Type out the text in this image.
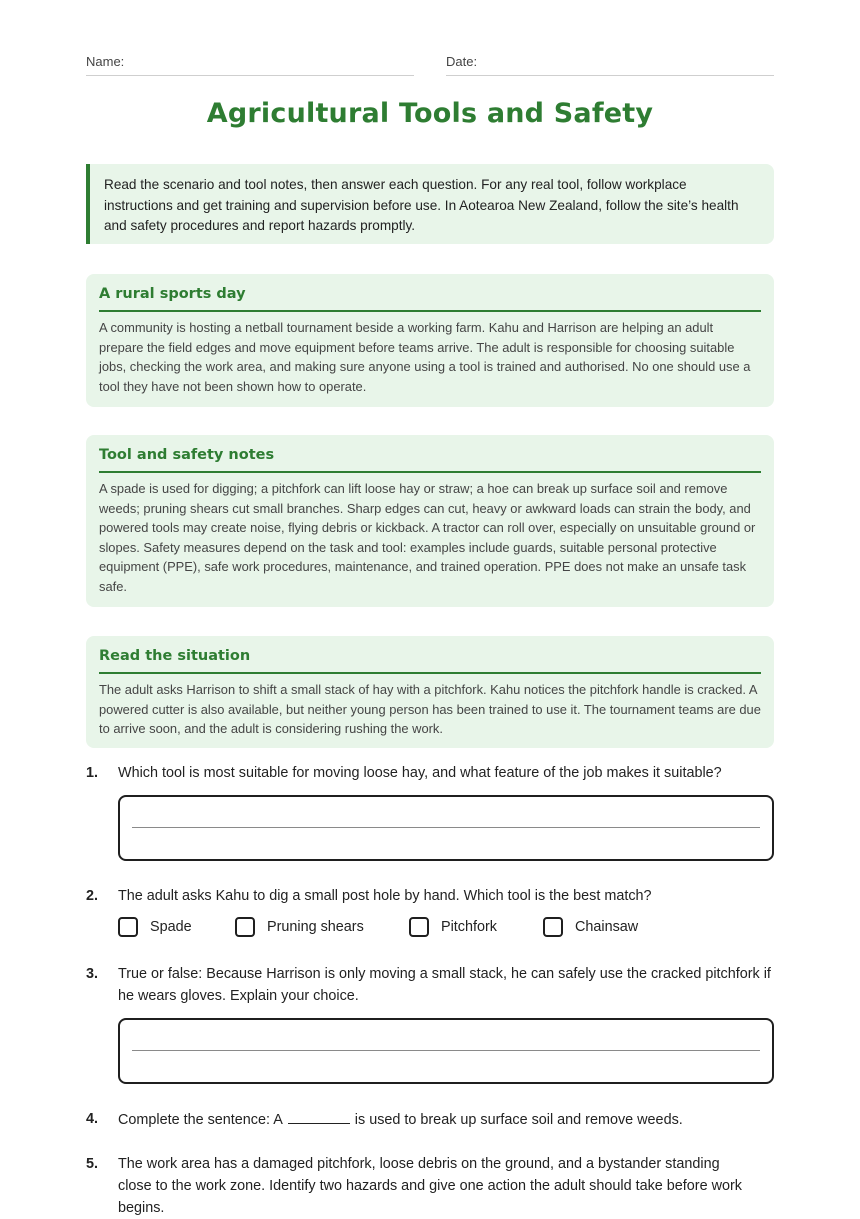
Name:	Date:
Agricultural Tools and Safety
Read the scenario and tool notes, then answer each question. For any real tool, follow workplace instructions and get training and supervision before use. In Aotearoa New Zealand, follow the site’s health and safety procedures and report hazards promptly.
A rural sports day

A community is hosting a netball tournament beside a working farm. Kahu and Harrison are helping an adult prepare the field edges and move equipment before teams arrive. The adult is responsible for choosing suitable jobs, checking the work area, and making sure anyone using a tool is trained and authorised. No one should use a tool they have not been shown how to operate.

Tool and safety notes

A spade is used for digging; a pitchfork can lift loose hay or straw; a hoe can break up surface soil and remove weeds; pruning shears cut small branches. Sharp edges can cut, heavy or awkward loads can strain the body, and powered tools may create noise, flying debris or kickback. A tractor can roll over, especially on unsuitable ground or slopes. Safety measures depend on the task and tool: examples include guards, suitable personal protective equipment (PPE), safe work procedures, maintenance, and trained operation. PPE does not make an unsafe task safe.

Read the situation

The adult asks Harrison to shift a small stack of hay with a pitchfork. Kahu notices the pitchfork handle is cracked. A powered cutter is also available, but neither young person has been trained to use it. The tournament teams are due to arrive soon, and the adult is considering rushing the work.

1. Which tool is most suitable for moving loose hay, and what feature of the job makes it suitable?
2. The adult asks Kahu to dig a small post hole by hand. Which tool is the best match?
Spade	Pruning shears	Pitchfork	Chainsaw
3. True or false: Because Harrison is only moving a small stack, he can safely use the cracked pitchfork if he wears gloves. Explain your choice.
4. Complete the sentence: A	is used to break up surface soil and remove weeds.
5. The work area has a damaged pitchfork, loose debris on the ground, and a bystander standing close to the work zone. Identify two hazards and give one action the adult should take before work begins.
